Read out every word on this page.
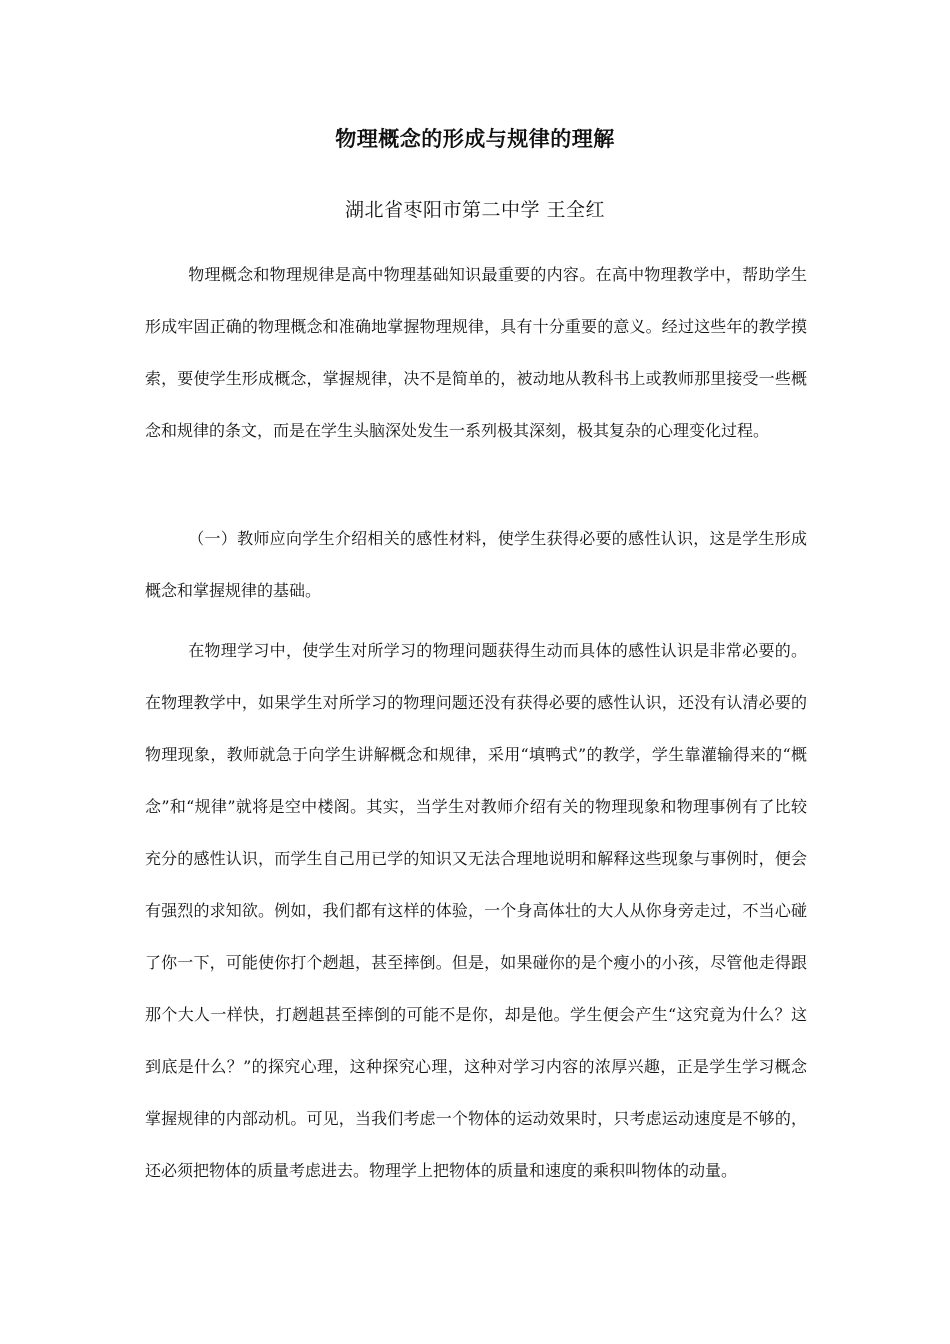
物理概念的形成与规律的理解
湖北省枣阳市第二中学 王全红

物理概念和物理规律是高中物理基础知识最重要的内容。在高中物理教学中，帮助学生形成牢固正确的物理概念和准确地掌握物理规律，具有十分重要的意义。经过这些年的教学摸索，要使学生形成概念，掌握规律，决不是简单的，被动地从教科书上或教师那里接受一些概念和规律的条文，而是在学生头脑深处发生一系列极其深刻，极其复杂的心理变化过程。

（一）教师应向学生介绍相关的感性材料，使学生获得必要的感性认识，这是学生形成概念和掌握规律的基础。

在物理学习中，使学生对所学习的物理问题获得生动而具体的感性认识是非常必要的。在物理教学中，如果学生对所学习的物理问题还没有获得必要的感性认识，还没有认清必要的物理现象，教师就急于向学生讲解概念和规律，采用“填鸭式”的教学，学生靠灌输得来的“概念”和“规律”就将是空中楼阁。其实，当学生对教师介绍有关的物理现象和物理事例有了比较充分的感性认识，而学生自己用已学的知识又无法合理地说明和解释这些现象与事例时，便会有强烈的求知欲。例如，我们都有这样的体验，一个身高体壮的大人从你身旁走过，不当心碰了你一下，可能使你打个趔趄，甚至摔倒。但是，如果碰你的是个瘦小的小孩，尽管他走得跟那个大人一样快，打趔趄甚至摔倒的可能不是你，却是他。学生便会产生“这究竟为什么？这到底是什么？”的探究心理，这种探究心理，这种对学习内容的浓厚兴趣，正是学生学习概念掌握规律的内部动机。可见，当我们考虑一个物体的运动效果时，只考虑运动速度是不够的，还必须把物体的质量考虑进去。物理学上把物体的质量和速度的乘积叫物体的动量。
